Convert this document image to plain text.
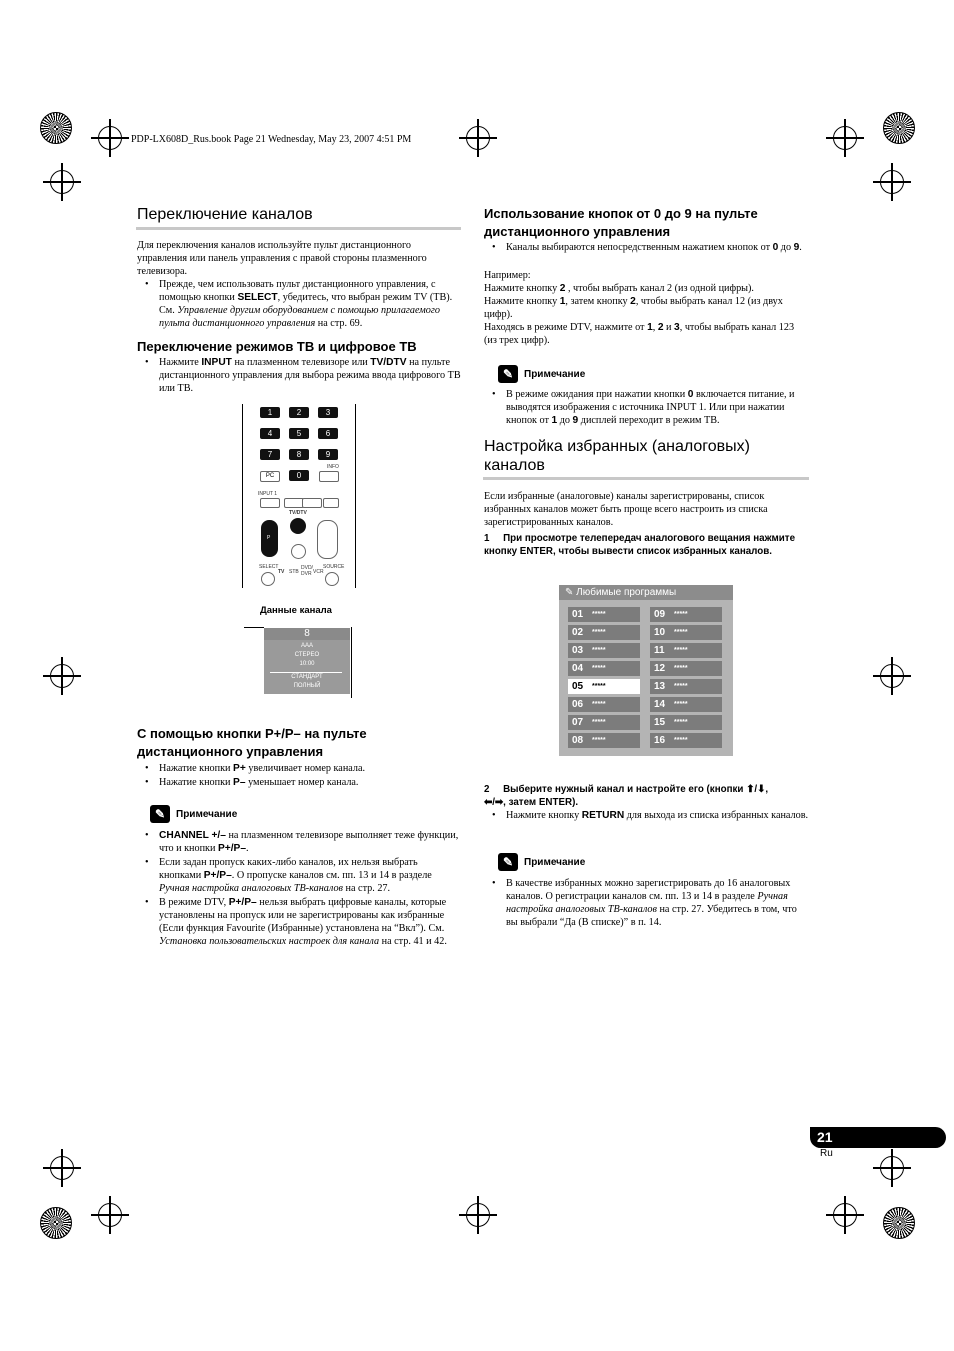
PDP-LX608D_Rus.book Page 21 Wednesday, May 23, 2007 4:51 PM
Переключение каналов
Для переключения каналов используйте пульт дистанционного управления или панель управления с правой стороны плазменного телевизора.
• Прежде, чем использовать пульт дистанционного управления, с помощью кнопки SELECT, убедитесь, что выбран режим TV (ТВ). См. Управление другим оборудованием с помощью прилагаемого пульта дистанционного управления на стр. 69.
Переключение режимов ТВ и цифровое ТВ
• Нажмите INPUT на плазменном телевизоре или TV/DTV на пульте дистанционного управления для выбора режима ввода цифрового ТВ или ТВ.
1	2	3
4	5	6
7	8	9
PC	0
INFO
INPUT 1
TV/DTV
P
SELECT
TV STB
DVD/ DVR VCR
SOURCE
Данные канала
8
AAA
СТЕРЕО
10:00
СТАНДАРТ
ПОЛНЫЙ
С помощью кнопки P+/P– на пульте дистанционного управления
• Нажатие кнопки P+ увеличивает номер канала.
• Нажатие кнопки P– уменьшает номер канала.
✎	Примечание
• CHANNEL +/– на плазменном телевизоре выполняет теже функции, что и кнопки P+/P–.
• Если задан пропуск каких-либо каналов, их нельзя выбрать кнопками P+/P–. О пропуске каналов см. пп. 13 и 14 в разделе Ручная настройка аналоговых ТВ-каналов на стр. 27.
• В режиме DTV, P+/P– нельзя выбрать цифровые каналы, которые установлены на пропуск или не зарегистрированы как избранные (Если функция Favourite (Избранные) установлена на “Вкл”). См. Установка пользовательских настроек для канала на стр. 41 и 42.
Использование кнопок от 0 до 9 на пульте дистанционного управления
• Каналы выбираются непосредственным нажатием кнопок от 0 до 9.
Например:
Нажмите кнопку 2 , чтобы выбрать канал 2 (из одной цифры).
Нажмите кнопку 1, затем кнопку 2, чтобы выбрать канал 12 (из двух цифр).
Находясь в режиме DTV, нажмите от 1, 2 и 3, чтобы выбрать канал 123 (из трех цифр).
✎	Примечание
• В режиме ожидания при нажатии кнопки 0 включается питание, и выводятся изображения с источника INPUT 1. Или при нажатии кнопок от 1 до 9 дисплей переходит в режим ТВ.
Настройка избранных (аналоговых) каналов
Если избранные (аналоговые) каналы зарегистрированы, список избранных каналов может быть проще всего настроить из списка зарегистрированных каналов.
1 При просмотре телепередач аналогового вещания нажмите кнопку ENTER, чтобы вывести список избранных каналов.
✎ Любимые программы
01 *****
02 *****
03 *****
04 *****
05 *****
06 *****
07 *****
08 *****
09 *****
10 *****
11 *****
12 *****
13 *****
14 *****
15 *****
16 *****
2 Выберите нужный канал и настройте его (кнопки ⬆/⬇,
⬅/➡, затем ENTER).
• Нажмите кнопку RETURN для выхода из списка избранных каналов.
✎	Примечание
• В качестве избранных можно зарегистрировать до 16 аналоговых каналов. О регистрации каналов см. пп. 13 и 14 в разделе Ручная настройка аналоговых ТВ-каналов на стр. 27. Убедитесь в том, что вы выбрали “Да (В списке)” в п. 14.
21
Ru
